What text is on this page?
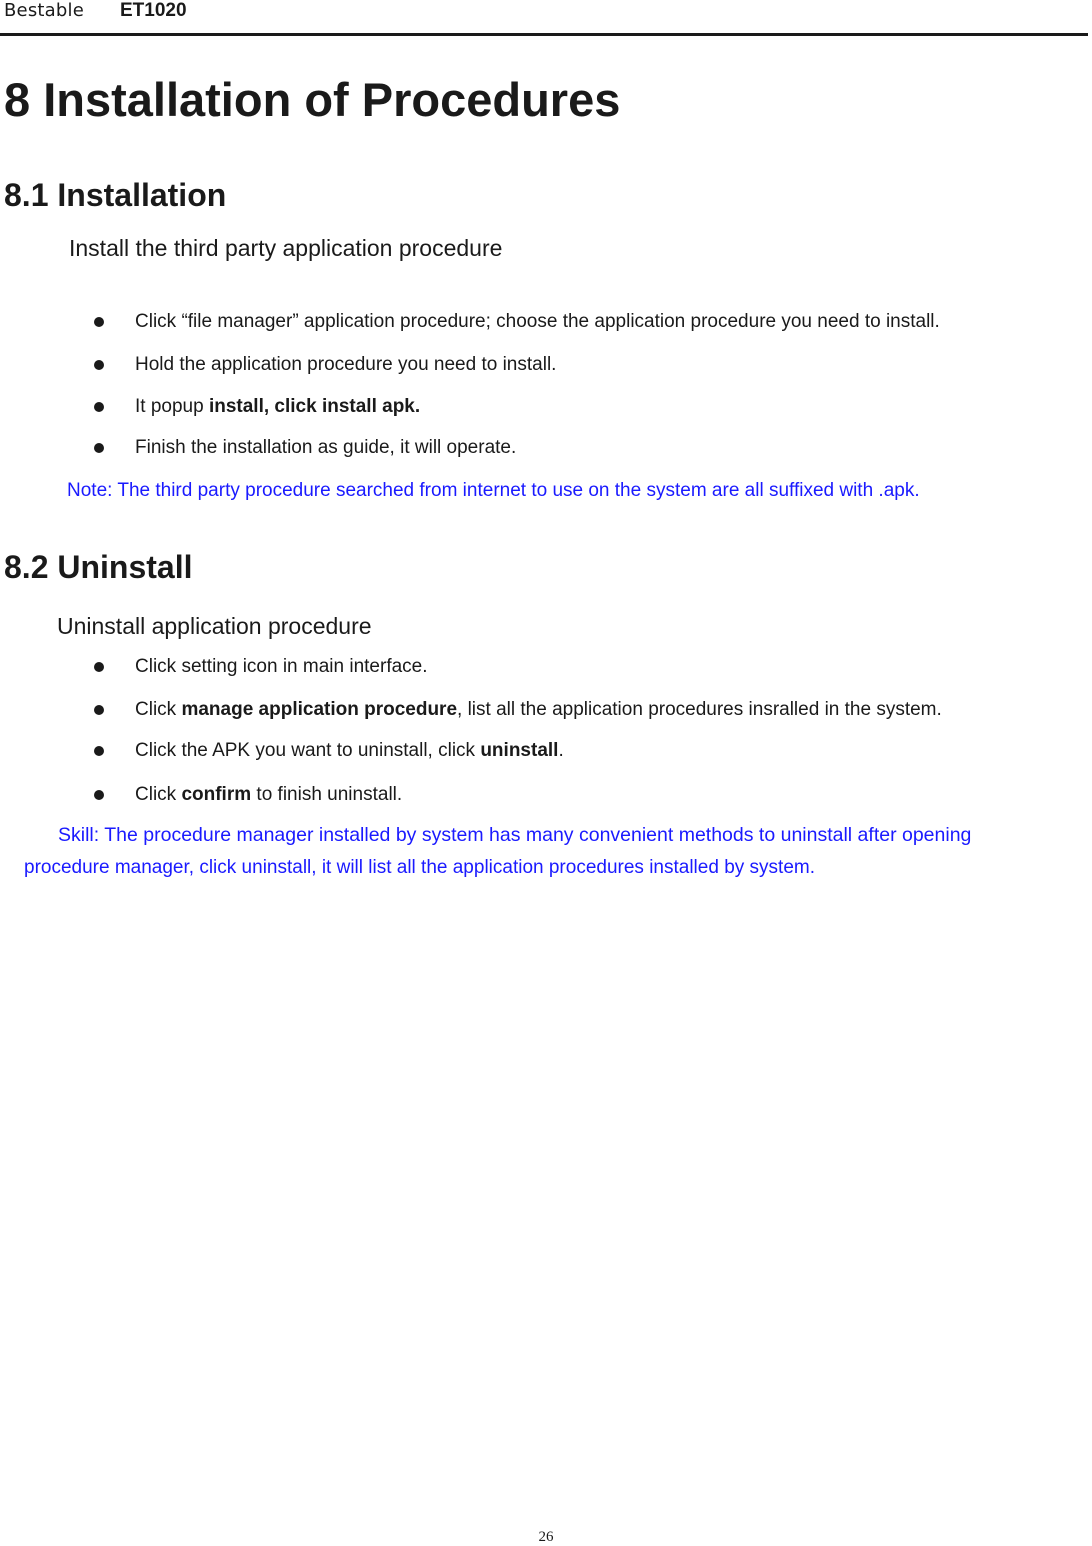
Bestable ET1020
8 Installation of Procedures
8.1 Installation
Install the third party application procedure
Click “file manager” application procedure; choose the application procedure you need to install.
Hold the application procedure you need to install.
It popup install, click install apk.
Finish the installation as guide, it will operate.
Note: The third party procedure searched from internet to use on the system are all suffixed with .apk.
8.2 Uninstall
Uninstall application procedure
Click setting icon in main interface.
Click manage application procedure, list all the application procedures insralled in the system.
Click the APK you want to uninstall, click uninstall.
Click confirm to finish uninstall.
Skill: The procedure manager installed by system has many convenient methods to uninstall after opening
procedure manager, click uninstall, it will list all the application procedures installed by system.
26
